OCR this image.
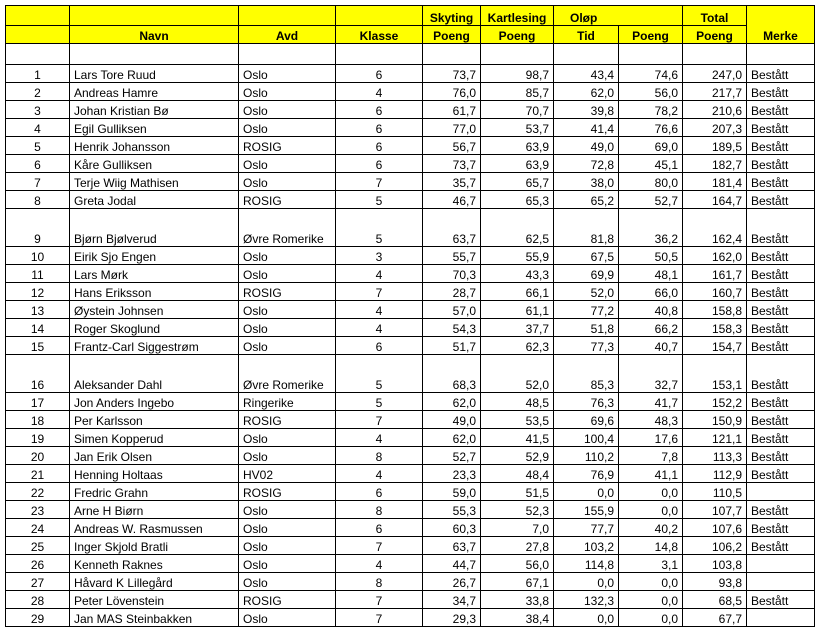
				Skyting	Kartlesing	Oløp		Total	Merke
	Navn	Avd	Klasse	Poeng	Poeng	Tid	Poeng	Poeng	

1	Lars Tore Ruud	Oslo	6	73,7	98,7	43,4	74,6	247,0	Bestått
2	Andreas Hamre	Oslo	4	76,0	85,7	62,0	56,0	217,7	Bestått
3	Johan Kristian Bø	Oslo	6	61,7	70,7	39,8	78,2	210,6	Bestått
4	Egil Gulliksen	Oslo	6	77,0	53,7	41,4	76,6	207,3	Bestått
5	Henrik Johansson	ROSIG	6	56,7	63,9	49,0	69,0	189,5	Bestått
6	Kåre Gulliksen	Oslo	6	73,7	63,9	72,8	45,1	182,7	Bestått
7	Terje Wiig Mathisen	Oslo	7	35,7	65,7	38,0	80,0	181,4	Bestått
8	Greta Jodal	ROSIG	5	46,7	65,3	65,2	52,7	164,7	Bestått
9	Bjørn Bjølverud	Øvre Romerike	5	63,7	62,5	81,8	36,2	162,4	Bestått
10	Eirik Sjo Engen	Oslo	3	55,7	55,9	67,5	50,5	162,0	Bestått
11	Lars Mørk	Oslo	4	70,3	43,3	69,9	48,1	161,7	Bestått
12	Hans Eriksson	ROSIG	7	28,7	66,1	52,0	66,0	160,7	Bestått
13	Øystein Johnsen	Oslo	4	57,0	61,1	77,2	40,8	158,8	Bestått
14	Roger Skoglund	Oslo	4	54,3	37,7	51,8	66,2	158,3	Bestått
15	Frantz-Carl Siggestrøm	Oslo	6	51,7	62,3	77,3	40,7	154,7	Bestått
16	Aleksander Dahl	Øvre Romerike	5	68,3	52,0	85,3	32,7	153,1	Bestått
17	Jon Anders Ingebo	Ringerike	5	62,0	48,5	76,3	41,7	152,2	Bestått
18	Per Karlsson	ROSIG	7	49,0	53,5	69,6	48,3	150,9	Bestått
19	Simen Kopperud	Oslo	4	62,0	41,5	100,4	17,6	121,1	Bestått
20	Jan Erik Olsen	Oslo	8	52,7	52,9	110,2	7,8	113,3	Bestått
21	Henning Holtaas	HV02	4	23,3	48,4	76,9	41,1	112,9	Bestått
22	Fredric Grahn	ROSIG	6	59,0	51,5	0,0	0,0	110,5	
23	Arne H Biørn	Oslo	8	55,3	52,3	155,9	0,0	107,7	Bestått
24	Andreas W. Rasmussen	Oslo	6	60,3	7,0	77,7	40,2	107,6	Bestått
25	Inger Skjold Bratli	Oslo	7	63,7	27,8	103,2	14,8	106,2	Bestått
26	Kenneth Raknes	Oslo	4	44,7	56,0	114,8	3,1	103,8	
27	Håvard K Lillegård	Oslo	8	26,7	67,1	0,0	0,0	93,8	
28	Peter Lövenstein	ROSIG	7	34,7	33,8	132,3	0,0	68,5	Bestått
29	Jan MAS Steinbakken	Oslo	7	29,3	38,4	0,0	0,0	67,7	
